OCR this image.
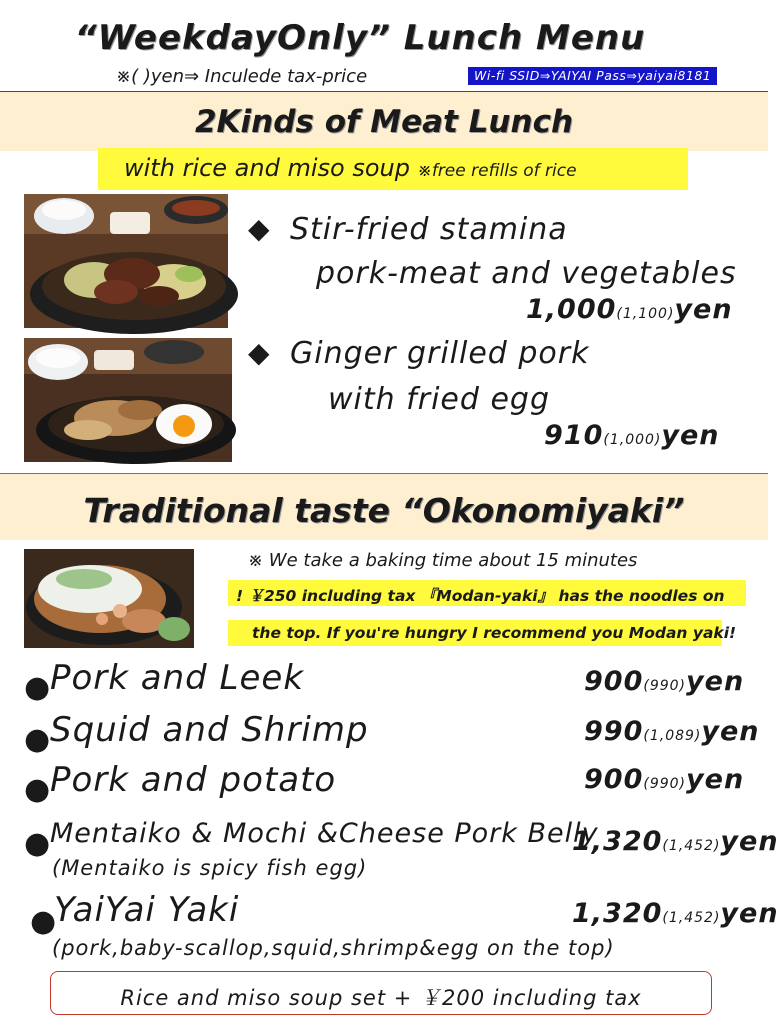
“WeekdayOnly” Lunch Menu
※( )yen⇒ Inculede tax-price	Wi-fi SSID⇒YAIYAI Pass⇒yaiyai8181
2Kinds of Meat Lunch
with rice and miso soup ※free refills of rice
◆ Stir-fried stamina
pork-meat and vegetables
1,000(1,100)yen
◆ Ginger grilled pork
with fried egg
910(1,000)yen
Traditional taste “Okonomiyaki”
※ We take a baking time about 15 minutes
! ￥250 including tax 『Modan-yaki』 has the noodles on
the top. If you're hungry I recommend you Modan yaki!
● Pork and Leek	900(990)yen
● Squid and Shrimp	990(1,089)yen
● Pork and potato	900(990)yen
● Mentaiko & Mochi &Cheese Pork Belly
(Mentaiko is spicy fish egg)
1,320(1,452)yen
●
YaiYai Yaki
(pork,baby-scallop,squid,shrimp&egg on the top)
1,320(1,452)yen
Rice and miso soup set + ￥200 including tax
